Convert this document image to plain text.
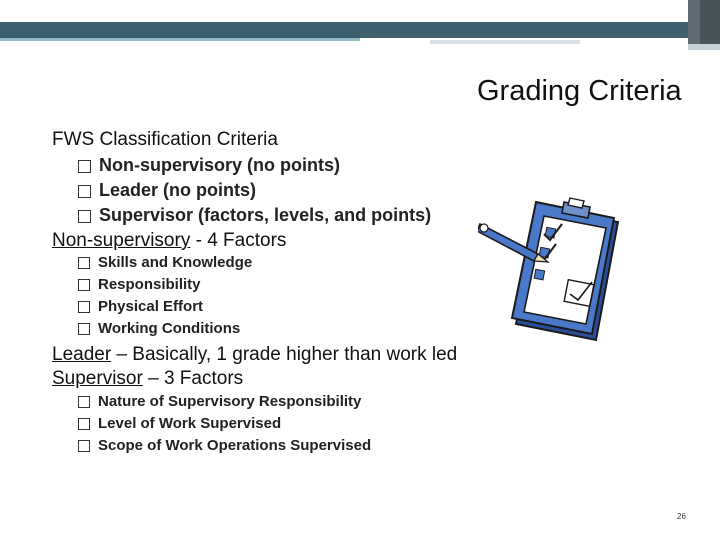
Grading Criteria
FWS Classification Criteria
Non-supervisory (no points)
Leader (no points)
Supervisor (factors, levels, and points)
Non-supervisory - 4 Factors
Skills and Knowledge
Responsibility
Physical Effort
Working Conditions
Leader – Basically, 1 grade higher than work led
Supervisor – 3 Factors
Nature of Supervisory Responsibility
Level of Work Supervised
Scope of Work Operations Supervised
26
